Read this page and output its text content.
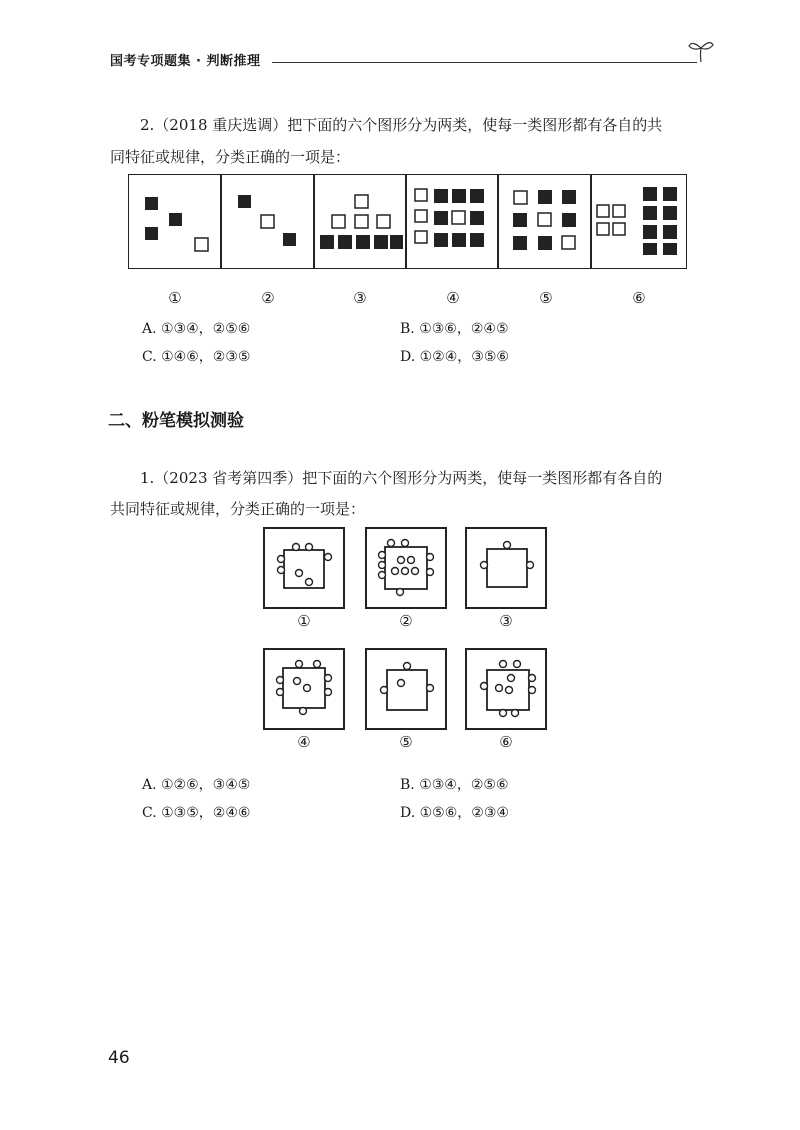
国考专项题集 · 判断推理
2.（2018 重庆选调）把下面的六个图形分为两类，使每一类图形都有各自的共
同特征或规律，分类正确的一项是：
①	②	③	④	⑤	⑥
A. ①③④，②⑤⑥	B. ①③⑥，②④⑤
C. ①④⑥，②③⑤	D. ①②④，③⑤⑥
二、粉笔模拟测验
1.（2023 省考第四季）把下面的六个图形分为两类，使每一类图形都有各自的
共同特征或规律，分类正确的一项是：
①	②	③
④	⑤	⑥
A. ①②⑥，③④⑤	B. ①③④，②⑤⑥
C. ①③⑤，②④⑥	D. ①⑤⑥，②③④
46
